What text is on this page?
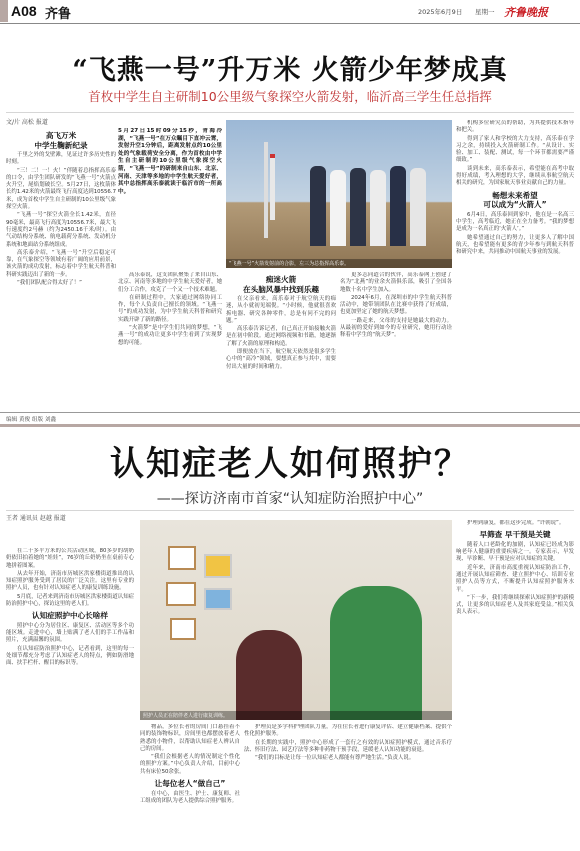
A08 齐鲁	2025年6月9日 星期一 齐鲁晚报
“飞燕一号”升万米 火箭少年梦成真
首枚中学生自主研制10公里级气象探空火箭发射，临沂高三学生任总指挥
文/片 高松 报道
高飞万米
中学生鞠新纪录

千里之外的戈壁滩，见证过许多历史性的时刻。

“三！二！一！火！”伴随着总指挥高乐泰的口令，由学生团队研发的“飞燕一号”火箭点火升空，尾焰划破长空。5月27日，这枚箭体长约1.42米的火箭最终飞行高度达到10556.7米，成为首枚中学生自主研制的10公里级气象探空火箭。

“飞燕一号”探空火箭全长1.42米，直径90毫米，最高飞行高度为10556.7米，最大飞行速度约2马赫（约为2450.16千米/时）。由气动结构分系统、航电载荷分系统、发动机分系统和地面站分系统组成。

高乐泰介绍，“飞燕一号”升空后稳定可靠，在气象探空等领域有着广阔的应用前景，该火箭的成功发射，标志着中学生航天科普和科研实践迈出了新的一步。

“我们团队配合得太好了！”

5月27日15时09分15秒，青海冷湖，“飞燕一号”在万众瞩目下直冲云霄，发射升空1分钟后，距离发射点约10公里处的气象载荷安全分离，作为首枚由中学生自主研制的10公里级气象探空火箭，“飞燕一号”的研制来自山东、北京、河南、天津等多地的中学生航天爱好者，其中总指挥高乐泰就读于临沂市的一所高中。
“飞燕一号”火箭发射前的合影，左三为总指挥高乐泰。

高乐泰说，这支团队聚集了来自山东、北京、河南等多地的中学生航天爱好者，她们分工合作，攻克了一个又一个技术难题。

在研制过程中，大家通过网络协同工作，每个人负责自己擅长的领域。“飞燕一号”的成功发射，为中学生航天科普和研究实践开辟了新的路径。

“火箭梦”是中学生们共同的梦想，“飞燕一号”的成功让更多中学生看到了实现梦想的可能。

痴迷火箭
在头脑风暴中找到乐趣

在父亲看来，高乐泰对于航空航天的痴迷，从小就初见端倪。“小时候，他就很喜欢拆电器、研究各种零件，总是有问不完的问题。”

高乐泰告诉记者，自己真正开始接触火箭是在初中阶段。通过网络视频和书籍，她逐渐了解了火箭的原理和构造。

即便放在当下，航空航天依然是很多学生心中的“高冷”领域，要想真正参与其中，需要付出大量的时间和精力。

更多志同道合的伙伴，高乐泰网上创建了名为“北燕”的业余火箭俱乐部，吸引了全国各地数十名中学生加入。

2024年6月，在深圳市的中学生航天科普活动中，她带领团队在比赛中获得了好成绩，也更加坚定了她的航天梦想。

一路走来，父母的支持是她最大的动力。从最初的爱好到如今的专业研究，她用行动诠释着中学生的“航天梦”。

机构多位研究员的帮助，为其提供技术指导和把关。

得到了家人和学校的大力支持，高乐泰在学习之余，持续投入火箭研制工作。“从设计、实验、加工、装配、测试，每一个环节都需要严谨细致。”

谈到未来，高乐泰表示，希望能在高考中取得好成绩，考入理想的大学，继续从事航空航天相关的研究，为国家航天事业贡献自己的力量。

畅想未来希望
可以成为“火箭人”

6月4日，高乐泰回到家中，他在是一名高三中学生，高考临近，她正在全力备考。“我的梦想是成为一名真正的‘火箭人’。”

她希望通过自己的努力，让更多人了解中国航天，也希望能有更多的青少年参与到航天科普和研究中来，共同推动中国航天事业的发展。

编辑 黄俊 组版 刘鑫
认知症老人如何照护？
——探访济南市首家“认知症防治照护中心”
王者 通讯员 赵越 报道

在二十多平方米的公共活动区域，80多岁的胡奶奶依旧拍着她的“娃娃”，76岁的丘奶奶坐在桌前专心地拼着图案。

从去年开始，济南市历城区洪家楼街道推出的认知症照护服务受到了居民的广泛关注。这里有专业的照护人员，也有针对认知症老人的康复训练设施。

5月底，记者来到济南市历城区洪家楼街道认知症防治照护中心，探访这里的老人们。

认知症照护中心长啥样

照护中心分为居住区、康复区、活动区等多个功能区域。走进中心，墙上贴满了老人们的手工作品和照片，充满温馨的氛围。

在认知症防治照护中心，记者看到，这里的每一处细节都充分考虑了认知症老人的特点，例如防滑地面、扶手栏杆、醒目的标识等。

照护人员正在陪伴老人进行康复训练。

物品，多位长者的房间门口悬挂着不同的装饰物标识，房间里也都摆放着老人熟悉的小物件，以帮助认知症老人辨认自己的房间。

“我们会根据老人的情况制定个性化的照护方案。”中心负责人介绍，目前中心共有床位50余张。

让每位老人“做自己”

在中心，由医生、护士、康复师、社工组成的团队为老人提供综合照护服务。

护理员是多学科护理团队力量，为在住长者进行康复评估、建立健康档案、提供个性化照护服务。

在长期的实践中，照护中心形成了一套行之有效的认知症照护模式，通过音乐疗法、怀旧疗法、园艺疗法等多种非药物干预手段，延缓老人认知功能的衰退。

“我们的目标是让每一位认知症老人都能有尊严地生活。”负责人说。

护理到康复，都在这步完成。“许朝说”。

早筛查 早干预是关键

随着人口老龄化的加剧，认知症已经成为影响老年人健康的重要疾病之一。专家表示，早发现、早诊断、早干预是应对认知症的关键。

近年来，济南市高度重视认知症防治工作，通过开展认知症筛查、建立照护中心、培训专业照护人员等方式，不断提升认知症照护服务水平。

“下一步，我们将继续探索认知症照护的新模式，让更多的认知症老人及其家庭受益。”相关负责人表示。
